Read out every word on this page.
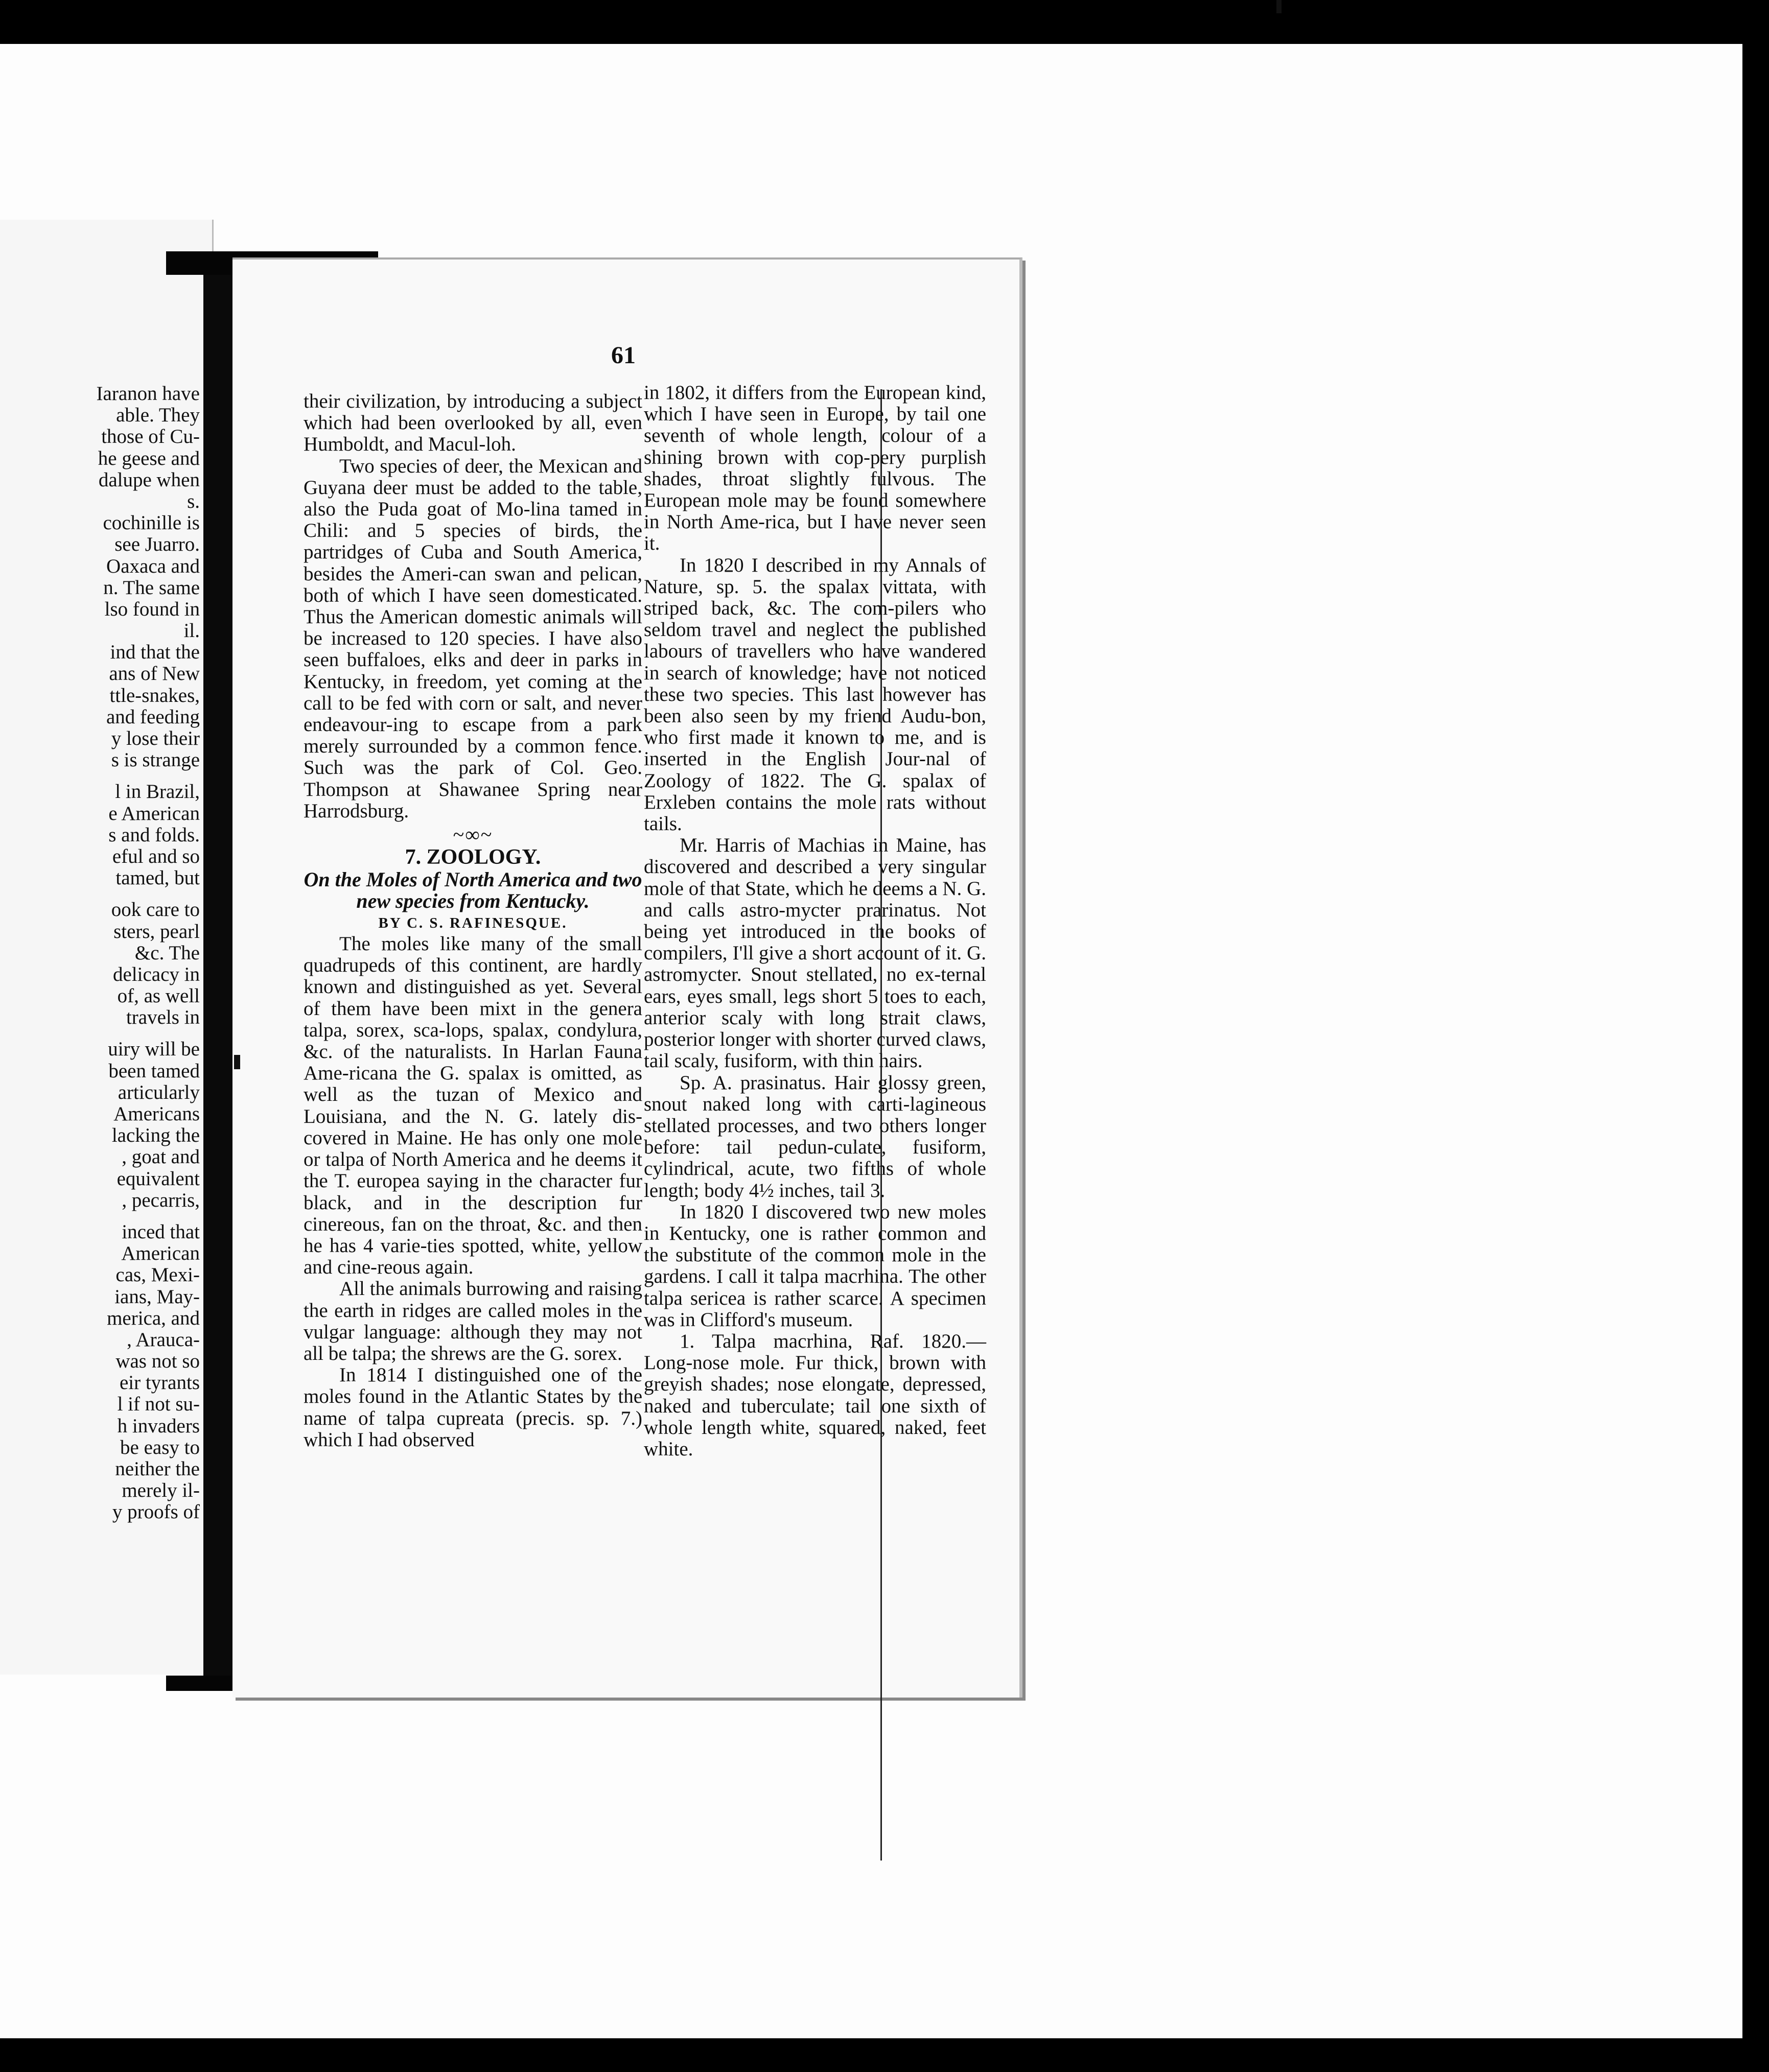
Iaranon have
able. They
those of Cu-
he geese and
dalupe when
s.
cochinille is
see Juarro.
Oaxaca and
n. The same
lso found in
il.
ind that the
ans of New
ttle-snakes,
and feeding
y lose their
s is strange
l in Brazil,
e American
s and folds.
eful and so
tamed, but
ook care to
sters, pearl
&c. The
delicacy in
of, as well
travels in
uiry will be
been tamed
articularly
Americans
lacking the
, goat and
equivalent
, pecarris,
inced that
American
cas, Mexi-
ians, May-
merica, and
, Arauca-
was not so
eir tyrants
l if not su-
h invaders
be easy to
neither the
merely il-
y proofs of
61

their civilization, by introducing a subject which had been overlooked by all, even Humboldt, and Macul-loh.

Two species of deer, the Mexican and Guyana deer must be added to the table, also the Puda goat of Mo-lina tamed in Chili: and 5 species of birds, the partridges of Cuba and South America, besides the Ameri-can swan and pelican, both of which I have seen domesticated. Thus the American domestic animals will be increased to 120 species. I have also seen buffaloes, elks and deer in parks in Kentucky, in freedom, yet coming at the call to be fed with corn or salt, and never endeavour-ing to escape from a park merely surrounded by a common fence. Such was the park of Col. Geo. Thompson at Shawanee Spring near Harrodsburg.

~∞~
7. ZOOLOGY.
On the Moles of North America and two new species from Kentucky.
BY C. S. RAFINESQUE.

The moles like many of the small quadrupeds of this continent, are hardly known and distinguished as yet. Several of them have been mixt in the genera talpa, sorex, sca-lops, spalax, condylura, &c. of the naturalists. In Harlan Fauna Ame-ricana the G. spalax is omitted, as well as the tuzan of Mexico and Louisiana, and the N. G. lately dis-covered in Maine. He has only one mole or talpa of North America and he deems it the T. europea saying in the character fur black, and in the description fur cinereous, fan on the throat, &c. and then he has 4 varie-ties spotted, white, yellow and cine-reous again.

All the animals burrowing and raising the earth in ridges are called moles in the vulgar language: although they may not all be talpa; the shrews are the G. sorex.

In 1814 I distinguished one of the moles found in the Atlantic States by the name of talpa cupreata (precis. sp. 7.) which I had observed

in 1802, it differs from the European kind, which I have seen in Europe, by tail one seventh of whole length, colour of a shining brown with cop-pery purplish shades, throat slightly fulvous. The European mole may be found somewhere in North Ame-rica, but I have never seen it.

In 1820 I described in my Annals of Nature, sp. 5. the spalax vittata, with striped back, &c. The com-pilers who seldom travel and neglect the published labours of travellers who have wandered in search of knowledge; have not noticed these two species. This last however has been also seen by my friend Audu-bon, who first made it known to me, and is inserted in the English Jour-nal of Zoology of 1822. The G. spalax of Erxleben contains the mole rats without tails.

Mr. Harris of Machias in Maine, has discovered and described a very singular mole of that State, which he deems a N. G. and calls astro-mycter prarinatus. Not being yet introduced in the books of compilers, I'll give a short account of it. G. astromycter. Snout stellated, no ex-ternal ears, eyes small, legs short 5 toes to each, anterior scaly with long strait claws, posterior longer with shorter curved claws, tail scaly, fusiform, with thin hairs.

Sp. A. prasinatus. Hair glossy green, snout naked long with carti-lagineous stellated processes, and two others longer before: tail pedun-culate, fusiform, cylindrical, acute, two fifths of whole length; body 4½ inches, tail 3.

In 1820 I discovered two new moles in Kentucky, one is rather common and the substitute of the common mole in the gardens. I call it talpa macrhina. The other talpa sericea is rather scarce. A specimen was in Clifford's museum.

1. Talpa macrhina, Raf. 1820.— Long-nose mole. Fur thick, brown with greyish shades; nose elongate, depressed, naked and tuberculate; tail one sixth of whole length white, squared, naked, feet white.
